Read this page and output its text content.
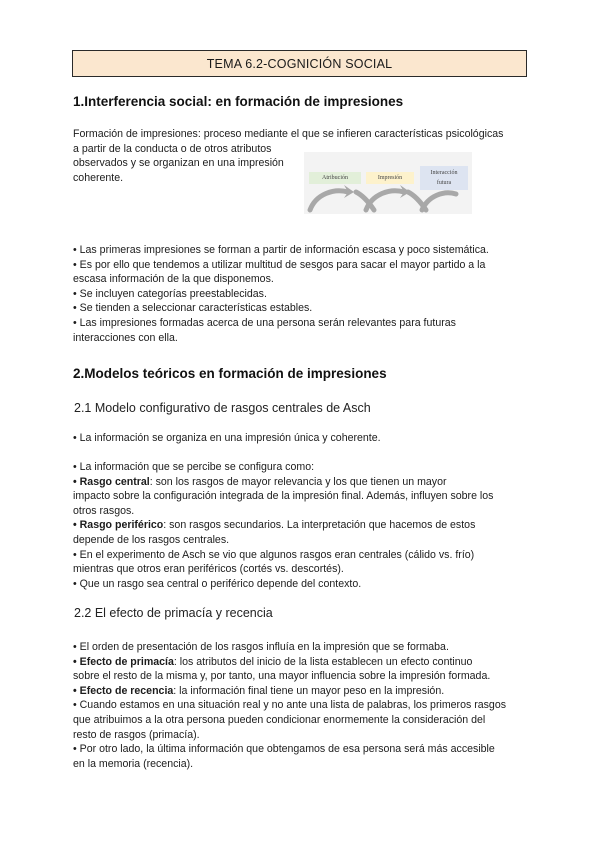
TEMA 6.2-COGNICIÓN SOCIAL
1.Interferencia social: en formación de impresiones

Formación de impresiones: proceso mediante el que se infieren características psicológicas

a partir de la conducta o de otros atributos

observados y se organizan en una impresión

coherente.	Atribución	Impresión
Interacción
futura

• Las primeras impresiones se forman a partir de información escasa y poco sistemática.

• Es por ello que tendemos a utilizar multitud de sesgos para sacar el mayor partido a la

escasa información de la que disponemos.

• Se incluyen categorías preestablecidas.

• Se tienden a seleccionar características estables.

• Las impresiones formadas acerca de una persona serán relevantes para futuras

interacciones con ella.

2.Modelos teóricos en formación de impresiones
2.1 Modelo configurativo de rasgos centrales de Asch

• La información se organiza en una impresión única y coherente.

• La información que se percibe se configura como:

• Rasgo central: son los rasgos de mayor relevancia y los que tienen un mayor

impacto sobre la configuración integrada de la impresión final. Además, influyen sobre los

otros rasgos.

• Rasgo periférico: son rasgos secundarios. La interpretación que hacemos de estos

depende de los rasgos centrales.

• En el experimento de Asch se vio que algunos rasgos eran centrales (cálido vs. frío)

mientras que otros eran periféricos (cortés vs. descortés).

• Que un rasgo sea central o periférico depende del contexto.

2.2 El efecto de primacía y recencia

• El orden de presentación de los rasgos influía en la impresión que se formaba.

• Efecto de primacía: los atributos del inicio de la lista establecen un efecto continuo

sobre el resto de la misma y, por tanto, una mayor influencia sobre la impresión formada.

• Efecto de recencia: la información final tiene un mayor peso en la impresión.

• Cuando estamos en una situación real y no ante una lista de palabras, los primeros rasgos

que atribuimos a la otra persona pueden condicionar enormemente la consideración del

resto de rasgos (primacía).

• Por otro lado, la última información que obtengamos de esa persona será más accesible

en la memoria (recencia).
